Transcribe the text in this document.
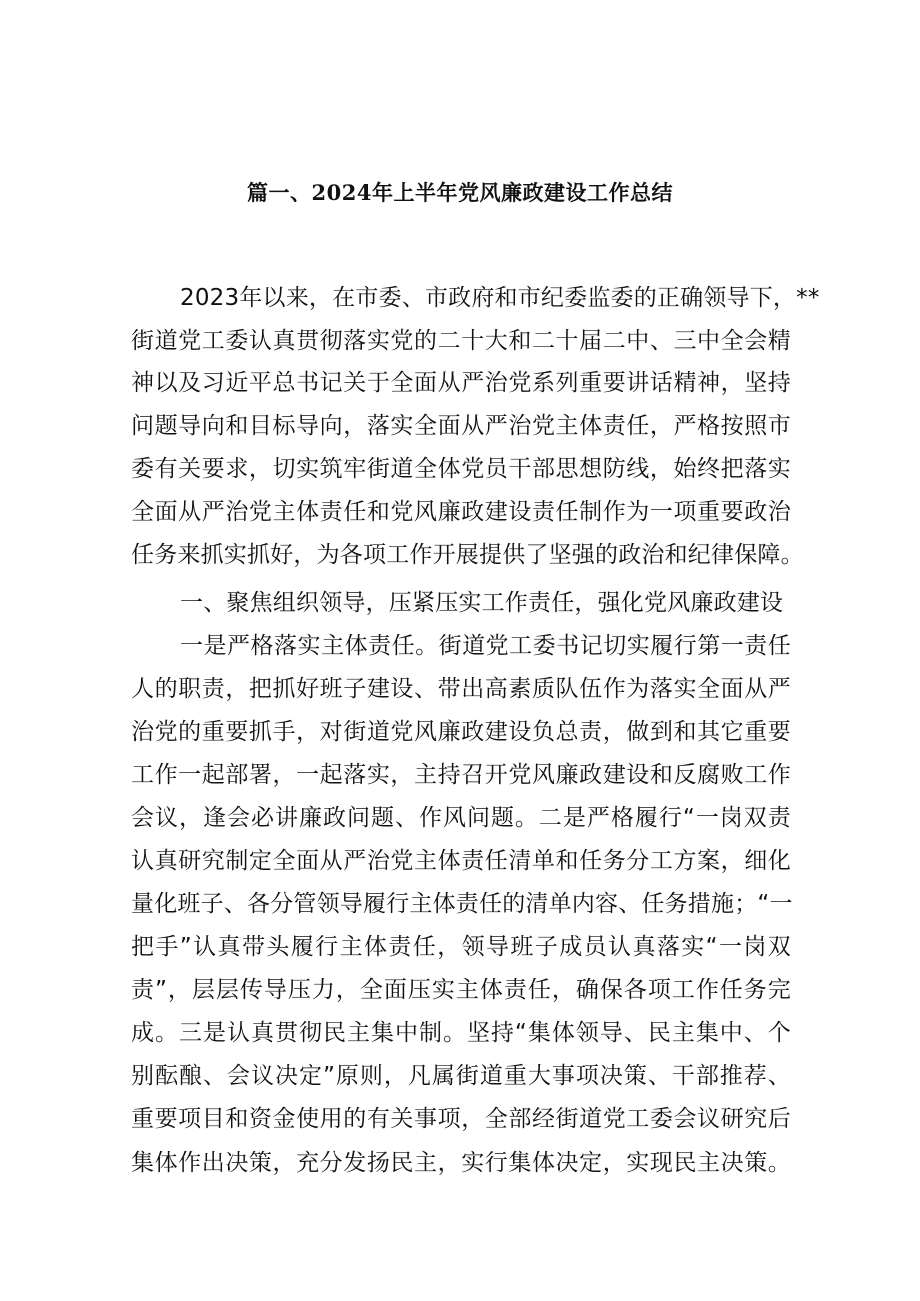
篇一、2024年上半年党风廉政建设工作总结
2023年以来，在市委、市政府和市纪委监委的正确领导下，**
街道党工委认真贯彻落实党的二十大和二十届二中、三中全会精
神以及习近平总书记关于全面从严治党系列重要讲话精神，坚持
问题导向和目标导向，落实全面从严治党主体责任，严格按照市
委有关要求，切实筑牢街道全体党员干部思想防线，始终把落实
全面从严治党主体责任和党风廉政建设责任制作为一项重要政治
任务来抓实抓好，为各项工作开展提供了坚强的政治和纪律保障。
一、聚焦组织领导，压紧压实工作责任，强化党风廉政建设
一是严格落实主体责任。街道党工委书记切实履行第一责任
人的职责，把抓好班子建设、带出高素质队伍作为落实全面从严
治党的重要抓手，对街道党风廉政建设负总责，做到和其它重要
工作一起部署，一起落实，主持召开党风廉政建设和反腐败工作
会议，逢会必讲廉政问题、作风问题。二是严格履行“一岗双责
认真研究制定全面从严治党主体责任清单和任务分工方案，细化
量化班子、各分管领导履行主体责任的清单内容、任务措施；“一
把手”认真带头履行主体责任，领导班子成员认真落实“一岗双
责”，层层传导压力，全面压实主体责任，确保各项工作任务完
成。三是认真贯彻民主集中制。坚持“集体领导、民主集中、个
别酝酿、会议决定”原则，凡属街道重大事项决策、干部推荐、
重要项目和资金使用的有关事项，全部经街道党工委会议研究后
集体作出决策，充分发扬民主，实行集体决定，实现民主决策。
